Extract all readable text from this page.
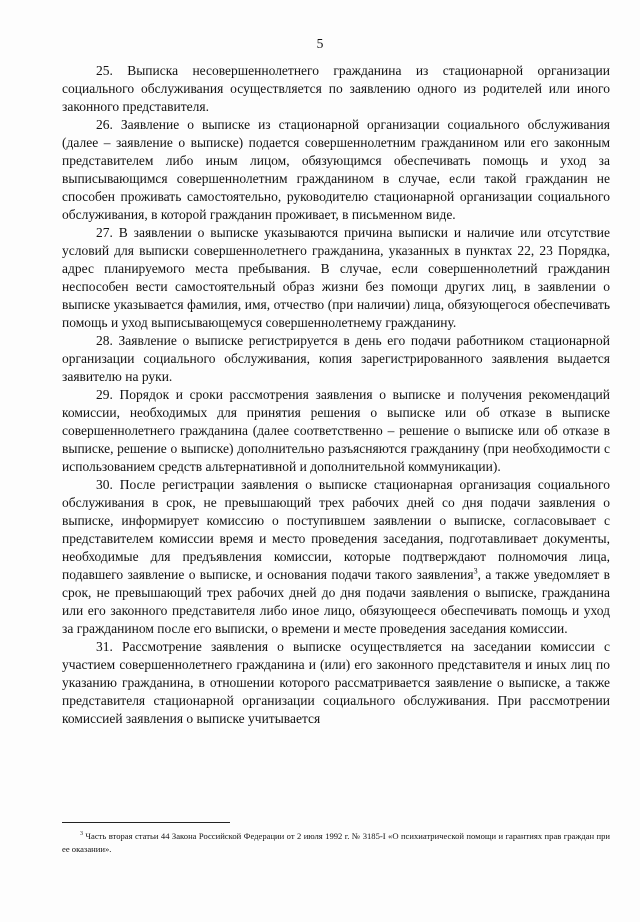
5

25. Выписка несовершеннолетнего гражданина из стационарной организации социального обслуживания осуществляется по заявлению одного из родителей или иного законного представителя.

26. Заявление о выписке из стационарной организации социального обслуживания (далее – заявление о выписке) подается совершеннолетним гражданином или его законным представителем либо иным лицом, обязующимся обеспечивать помощь и уход за выписывающимся совершеннолетним гражданином в случае, если такой гражданин не способен проживать самостоятельно, руководителю стационарной организации социального обслуживания, в которой гражданин проживает, в письменном виде.

27. В заявлении о выписке указываются причина выписки и наличие или отсутствие условий для выписки совершеннолетнего гражданина, указанных в пунктах 22, 23 Порядка, адрес планируемого места пребывания. В случае, если совершеннолетний гражданин неспособен вести самостоятельный образ жизни без помощи других лиц, в заявлении о выписке указывается фамилия, имя, отчество (при наличии) лица, обязующегося обеспечивать помощь и уход выписывающемуся совершеннолетнему гражданину.

28. Заявление о выписке регистрируется в день его подачи работником стационарной организации социального обслуживания, копия зарегистрированного заявления выдается заявителю на руки.

29. Порядок и сроки рассмотрения заявления о выписке и получения рекомендаций комиссии, необходимых для принятия решения о выписке или об отказе в выписке совершеннолетнего гражданина (далее соответственно – решение о выписке или об отказе в выписке, решение о выписке) дополнительно разъясняются гражданину (при необходимости с использованием средств альтернативной и дополнительной коммуникации).

30. После регистрации заявления о выписке стационарная организация социального обслуживания в срок, не превышающий трех рабочих дней со дня подачи заявления о выписке, информирует комиссию о поступившем заявлении о выписке, согласовывает с представителем комиссии время и место проведения заседания, подготавливает документы, необходимые для предъявления комиссии, которые подтверждают полномочия лица, подавшего заявление о выписке, и основания подачи такого заявления$^3$, а также уведомляет в срок, не превышающий трех рабочих дней до дня подачи заявления о выписке, гражданина или его законного представителя либо иное лицо, обязующееся обеспечивать помощь и уход за гражданином после его выписки, о времени и месте проведения заседания комиссии.

31. Рассмотрение заявления о выписке осуществляется на заседании комиссии с участием совершеннолетнего гражданина и (или) его законного представителя и иных лиц по указанию гражданина, в отношении которого рассматривается заявление о выписке, а также представителя стационарной организации социального обслуживания. При рассмотрении комиссией заявления о выписке учитывается

$^3$ Часть вторая статьи 44 Закона Российской Федерации от 2 июля 1992 г. № 3185-I «О психиатрической помощи и гарантиях прав граждан при ее оказании».
